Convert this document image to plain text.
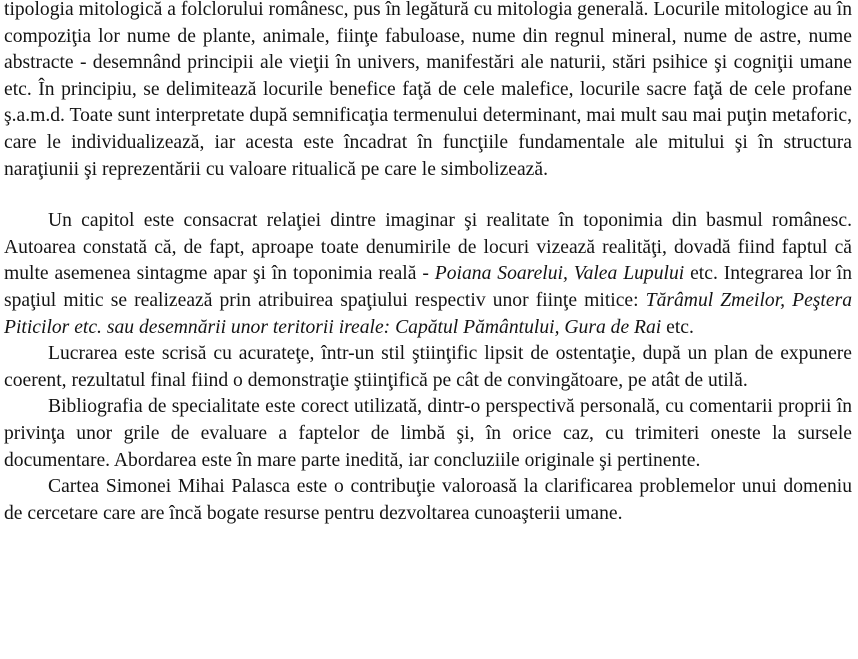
tipologia mitologică a folclorului românesc, pus în legătură cu mitologia generală. Locurile mitologice au în compoziţia lor nume de plante, animale, fiinţe fabuloase, nume din regnul mineral, nume de astre, nume abstracte - desemnând principii ale vieţii în univers, manifestări ale naturii, stări psihice şi cogniţii umane etc. În principiu, se delimitează locurile benefice faţă de cele malefice, locurile sacre faţă de cele profane ş.a.m.d. Toate sunt interpretate după semnificaţia termenului determinant, mai mult sau mai puţin metaforic, care le individualizează, iar acesta este încadrat în funcţiile fundamentale ale mitului şi în structura naraţiunii şi reprezentării cu valoare ritualică pe care le simbolizează.

Un capitol este consacrat relaţiei dintre imaginar şi realitate în toponimia din basmul românesc. Autoarea constată că, de fapt, aproape toate denumirile de locuri vizează realităţi, dovadă fiind faptul că multe asemenea sintagme apar şi în toponimia reală - Poiana Soarelui, Valea Lupului etc. Integrarea lor în spaţiul mitic se realizează prin atribuirea spaţiului respectiv unor fiinţe mitice: Tărâmul Zmeilor, Peştera Piticilor etc. sau desemnării unor teritorii ireale: Capătul Pământului, Gura de Rai etc.

Lucrarea este scrisă cu acurateţe, într-un stil ştiinţific lipsit de ostentaţie, după un plan de expunere coerent, rezultatul final fiind o demonstraţie ştiinţifică pe cât de convingătoare, pe atât de utilă.

Bibliografia de specialitate este corect utilizată, dintr-o perspectivă personală, cu comentarii proprii în privinţa unor grile de evaluare a faptelor de limbă şi, în orice caz, cu trimiteri oneste la sursele documentare. Abordarea este în mare parte inedită, iar concluziile originale şi pertinente.

Cartea Simonei Mihai Palasca este o contribuţie valoroasă la clarificarea problemelor unui domeniu de cercetare care are încă bogate resurse pentru dezvoltarea cunoaşterii umane.
